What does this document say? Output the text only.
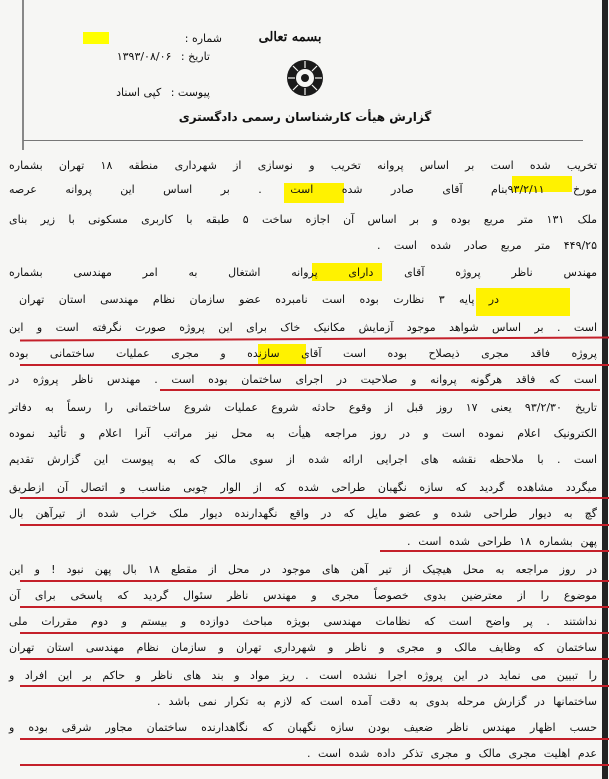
بسمه تعالی
گزارش هیأت کارشناسان رسمی دادگستری
شماره :
تاریخ : ۱۳۹۳/۰۸/۰۶
پیوست : کپی اسناد
تخریب شده است بر اساس پروانه تخریب و نوسازی از شهرداری منطقه ۱۸ تهران بشماره
مورخ ۹۳/۲/۱۱بنام آقای صادر شده است . بر اساس این پروانه عرصه
ملک ۱۳۱ متر مربع بوده و بر اساس آن اجازه ساخت ۵ طبقه با کاربری مسکونی با زیر بنای
۴۴۹/۲۵ متر مربع صادر شده است .
مهندس ناظر پروژه آقای دارای پروانه اشتغال به امر مهندسی بشماره
در پایه ۳ نظارت بوده است نامبرده عضو سازمان نظام مهندسی استان تهران
است . بر اساس شواهد موجود آزمایش مکانیک خاک برای این پروژه صورت نگرفته است و این
پروژه فاقد مجری ذیصلاح بوده است آقای سازنده و مجری عملیات ساختمانی بوده
است که فاقد هرگونه پروانه و صلاحیت در اجرای ساختمان بوده است . مهندس ناظر پروژه در
تاریخ ۹۳/۲/۳۰ یعنی ۱۷ روز قبل از وقوع حادثه شروع عملیات شروع ساختمانی را رسماً به دفاتر
الکترونیک اعلام نموده است و در روز مراجعه هیأت به محل نیز مراتب آنرا اعلام و تأئید نموده
است . با ملاحظه نقشه های اجرایی ارائه شده از سوی مالک که به پیوست این گزارش تقدیم
میگردد مشاهده گردید که سازه نگهبان طراحی شده که از الوار چوبی مناسب و اتصال آن ازطریق
گچ به دیوار طراحی شده و عضو مایل که در واقع نگهدارنده دیوار ملک خراب شده از تیرآهن بال
پهن بشماره ۱۸ طراحی شده است .
در روز مراجعه به محل هیچیک از تیر آهن های موجود در محل از مقطع ۱۸ بال پهن نبود ! و این
موضوع را از معترضین بدوی خصوصاً مجری و مهندس ناظر سئوال گردید که پاسخی برای آن
نداشتند . پر واضح است که نظامات مهندسی بویژه مباحث دوازده و بیستم و دوم مقررات ملی
ساختمان که وظایف مالک و مجری و ناظر و شهرداری تهران و سازمان نظام مهندسی استان تهران
را تبیین می نماید در این پروژه اجرا نشده است . ریز مواد و بند های ناظر و حاکم بر این افراد و
ساختمانها در گزارش مرحله بدوی به دقت آمده است که لازم به تکرار نمی باشد .
حسب اظهار مهندس ناظر ضعیف بودن سازه نگهبان که نگاهدارنده ساختمان مجاور شرقی بوده و
عدم اهلیت مجری مالک و مجری تذکر داده شده است .
